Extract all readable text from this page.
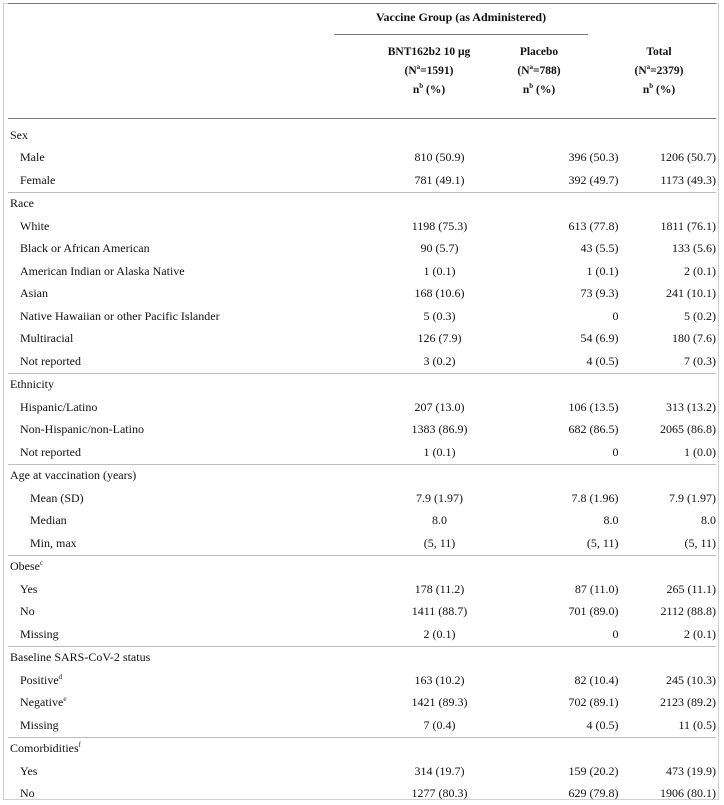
Vaccine Group (as Administered)
BNT162b2 10 μg
$(N^a=1591)$
$n^b$ (%)
Placebo
$(N^a=788)$
$n^b$ (%)
Total
$(N^a=2379)$
$n^b$ (%)
Sex			
Male	810 (50.9)	396 (50.3)	1206 (50.7)
Female	781 (49.1)	392 (49.7)	1173 (49.3)
Race			
White	1198 (75.3)	613 (77.8)	1811 (76.1)
Black or African American	90 (5.7)	43 (5.5)	133 (5.6)
American Indian or Alaska Native	1 (0.1)	1 (0.1)	2 (0.1)
Asian	168 (10.6)	73 (9.3)	241 (10.1)
Native Hawaiian or other Pacific Islander	5 (0.3)	0	5 (0.2)
Multiracial	126 (7.9)	54 (6.9)	180 (7.6)
Not reported	3 (0.2)	4 (0.5)	7 (0.3)
Ethnicity			
Hispanic/Latino	207 (13.0)	106 (13.5)	313 (13.2)
Non-Hispanic/non-Latino	1383 (86.9)	682 (86.5)	2065 (86.8)
Not reported	1 (0.1)	0	1 (0.0)
Age at vaccination (years)			
Mean (SD)	7.9 (1.97)	7.8 (1.96)	7.9 (1.97)
Median	8.0	8.0	8.0
Min, max	(5, 11)	(5, 11)	(5, 11)
Obese$^c$			
Yes	178 (11.2)	87 (11.0)	265 (11.1)
No	1411 (88.7)	701 (89.0)	2112 (88.8)
Missing	2 (0.1)	0	2 (0.1)
Baseline SARS-CoV-2 status			
Positive$^d$	163 (10.2)	82 (10.4)	245 (10.3)
Negative$^e$	1421 (89.3)	702 (89.1)	2123 (89.2)
Missing	7 (0.4)	4 (0.5)	11 (0.5)
Comorbidities$^f$			
Yes	314 (19.7)	159 (20.2)	473 (19.9)
No	1277 (80.3)	629 (79.8)	1906 (80.1)
